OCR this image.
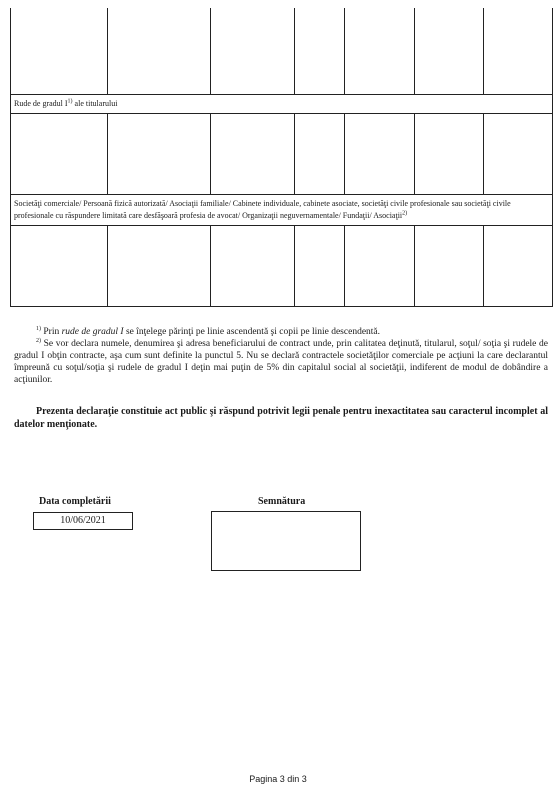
Rude de gradul $I^{1)}$ ale titularului
Societăţi comerciale/ Persoană fizică autorizată/ Asociaţii familiale/ Cabinete individuale, cabinete asociate, societăţi civile profesionale sau societăţi civile profesionale cu răspundere limitată care desfăşoară profesia de avocat/ Organizaţii neguvernamentale/ Fundaţii/ Asociaţii$^{2)}$

$^{1)}$ Prin rude de gradul I se înţelege părinţi pe linie ascendentă şi copii pe linie descendentă.

$^{2)}$ Se vor declara numele, denumirea şi adresa beneficiarului de contract unde, prin calitatea deţinută, titularul, soţul/ soţia şi rudele de gradul I obţin contracte, aşa cum sunt definite la punctul 5. Nu se declară contractele societăţilor comerciale pe acţiuni la care declarantul împreună cu soţul/soţia şi rudele de gradul I deţin mai puţin de 5% din capitalul social al societăţii, indiferent de modul de dobândire a acţiunilor.

Prezenta declaraţie constituie act public şi răspund potrivit legii penale pentru inexactitatea sau caracterul incomplet al datelor menţionate.
Data completării
10/06/2021
Semnătura
Pagina 3 din 3
